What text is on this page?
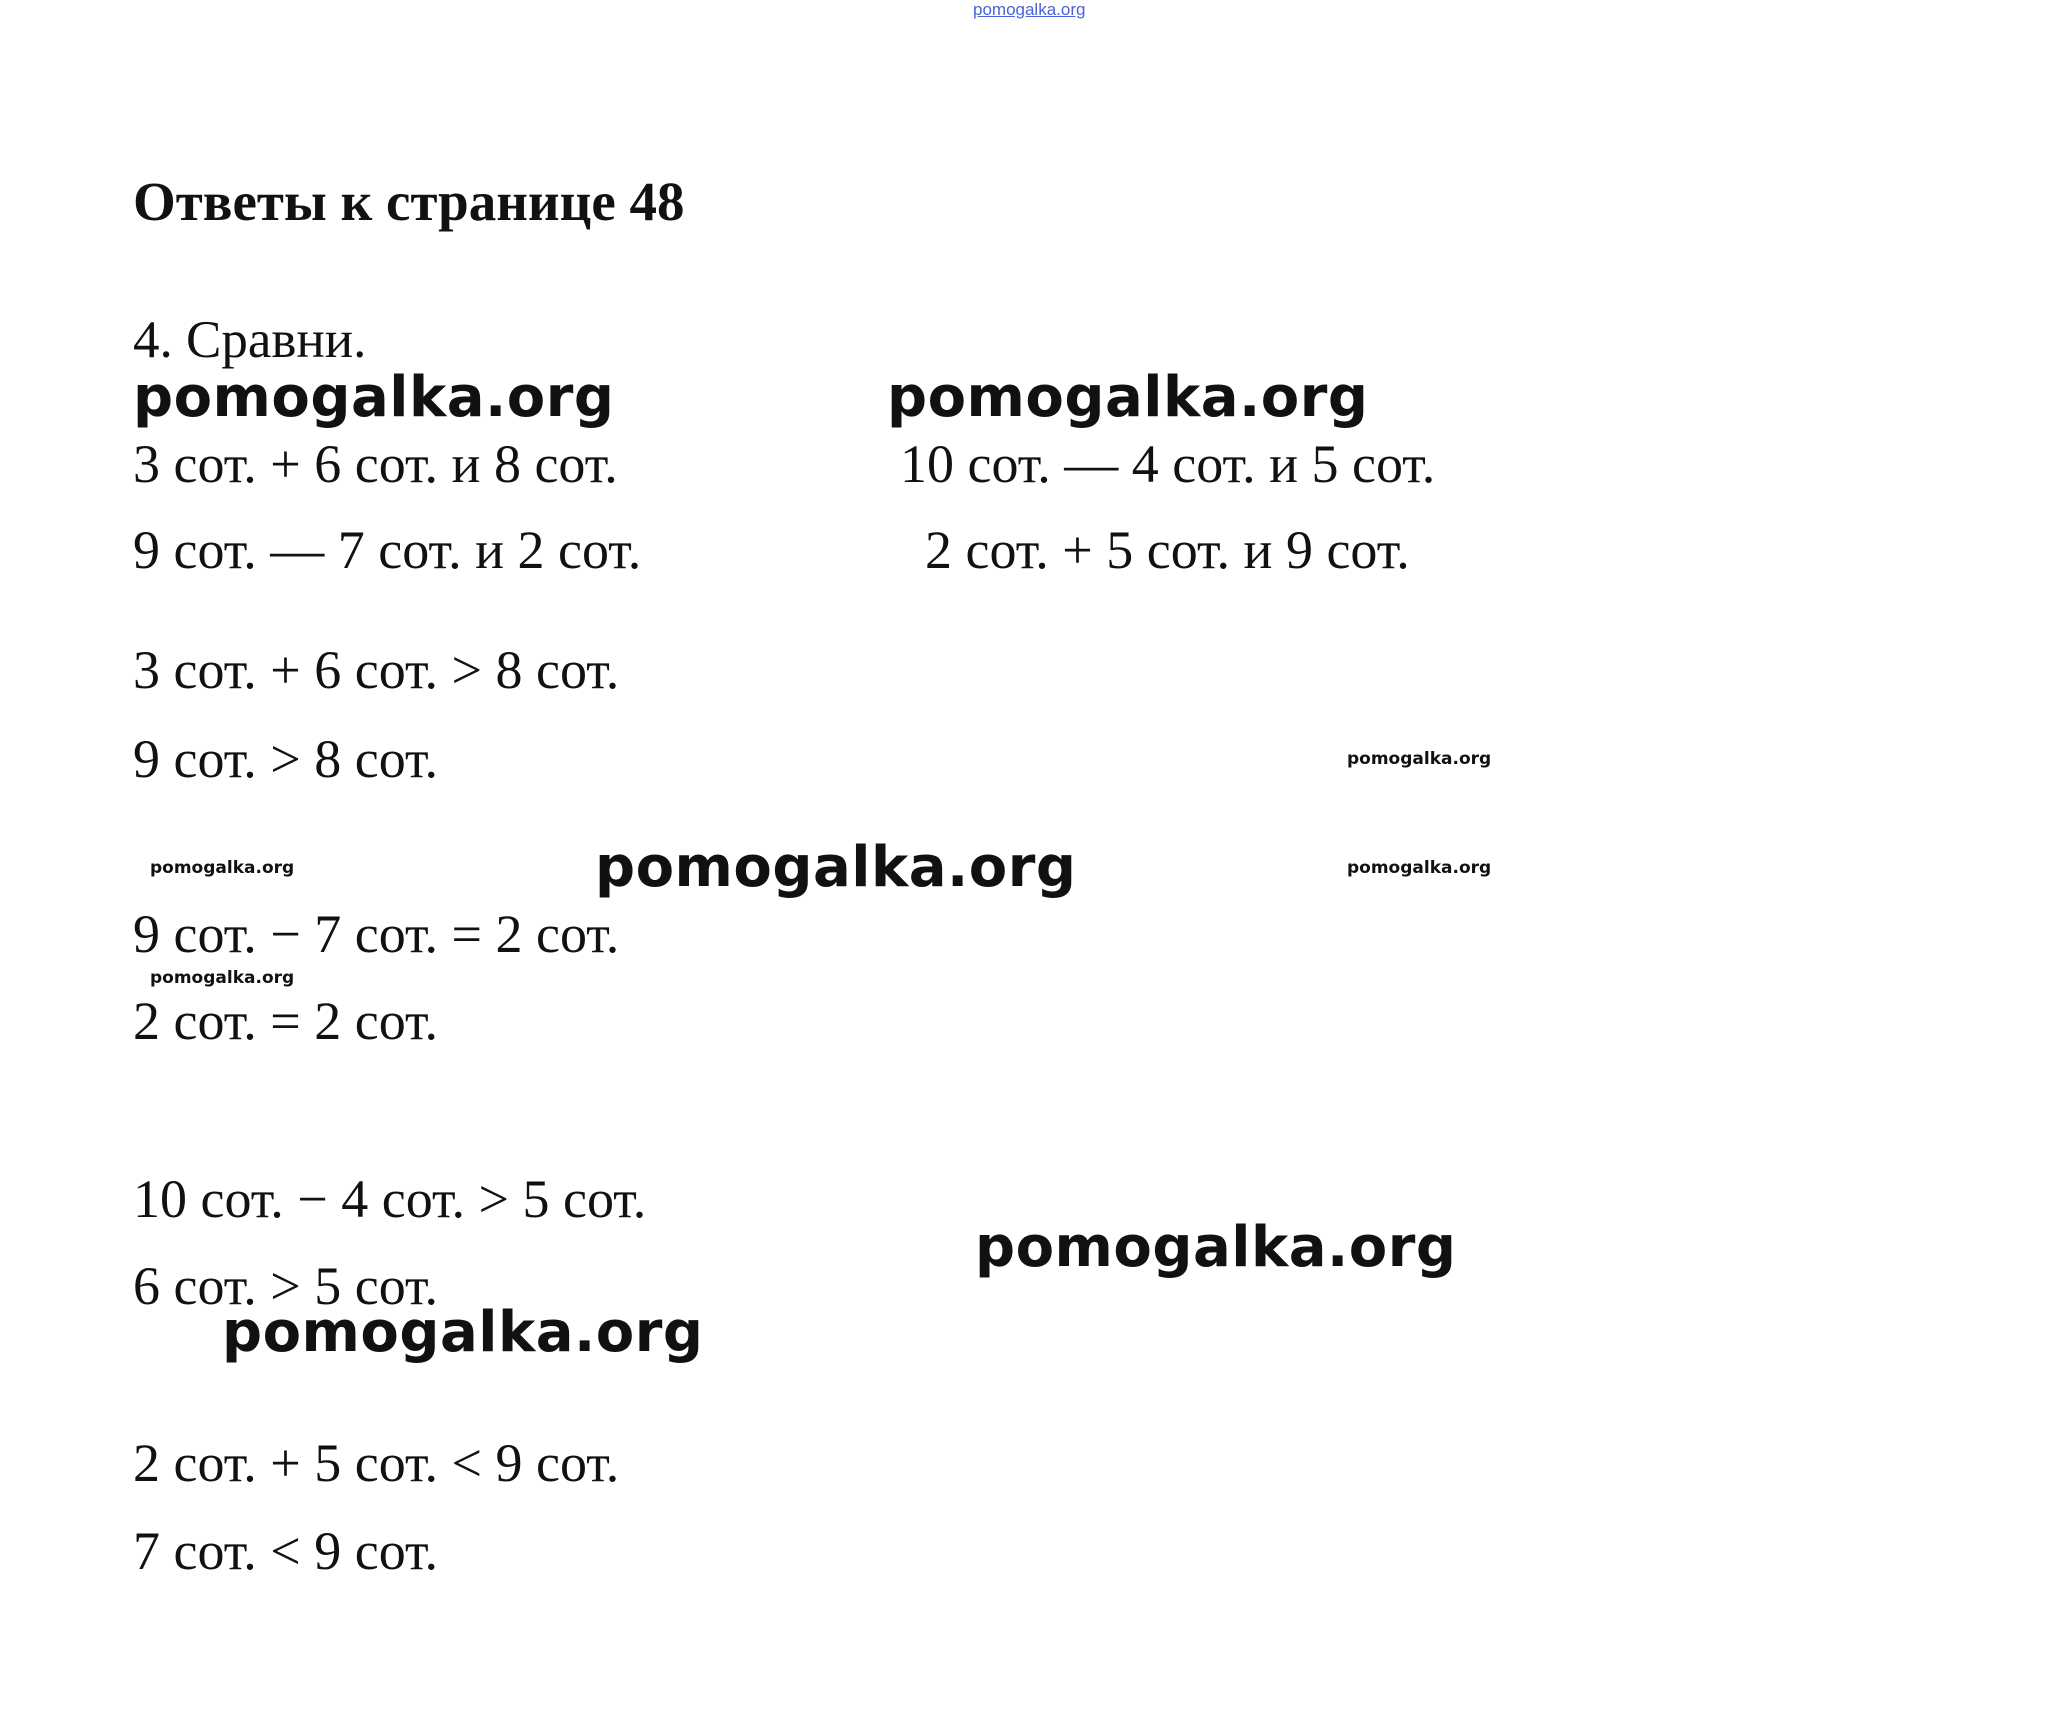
pomogalka.org
Ответы к странице 48
4. Сравни.
pomogalka.org	pomogalka.org
pomogalka.org
pomogalka.org
pomogalka.org
pomogalka.org
pomogalka.org	pomogalka.org
pomogalka.org
3 сот. + 6 сот. и 8 сот.	10 сот. — 4 сот. и 5 сот.
9 сот. — 7 сот. и 2 сот.	2 сот. + 5 сот. и 9 сот.
3 сот. + 6 сот. > 8 сот.
9 сот. > 8 сот.
9 сот. − 7 сот. = 2 сот.
2 сот. = 2 сот.
10 сот. − 4 сот. > 5 сот.
6 сот. > 5 сот.
2 сот. + 5 сот. < 9 сот.
7 сот. < 9 сот.
